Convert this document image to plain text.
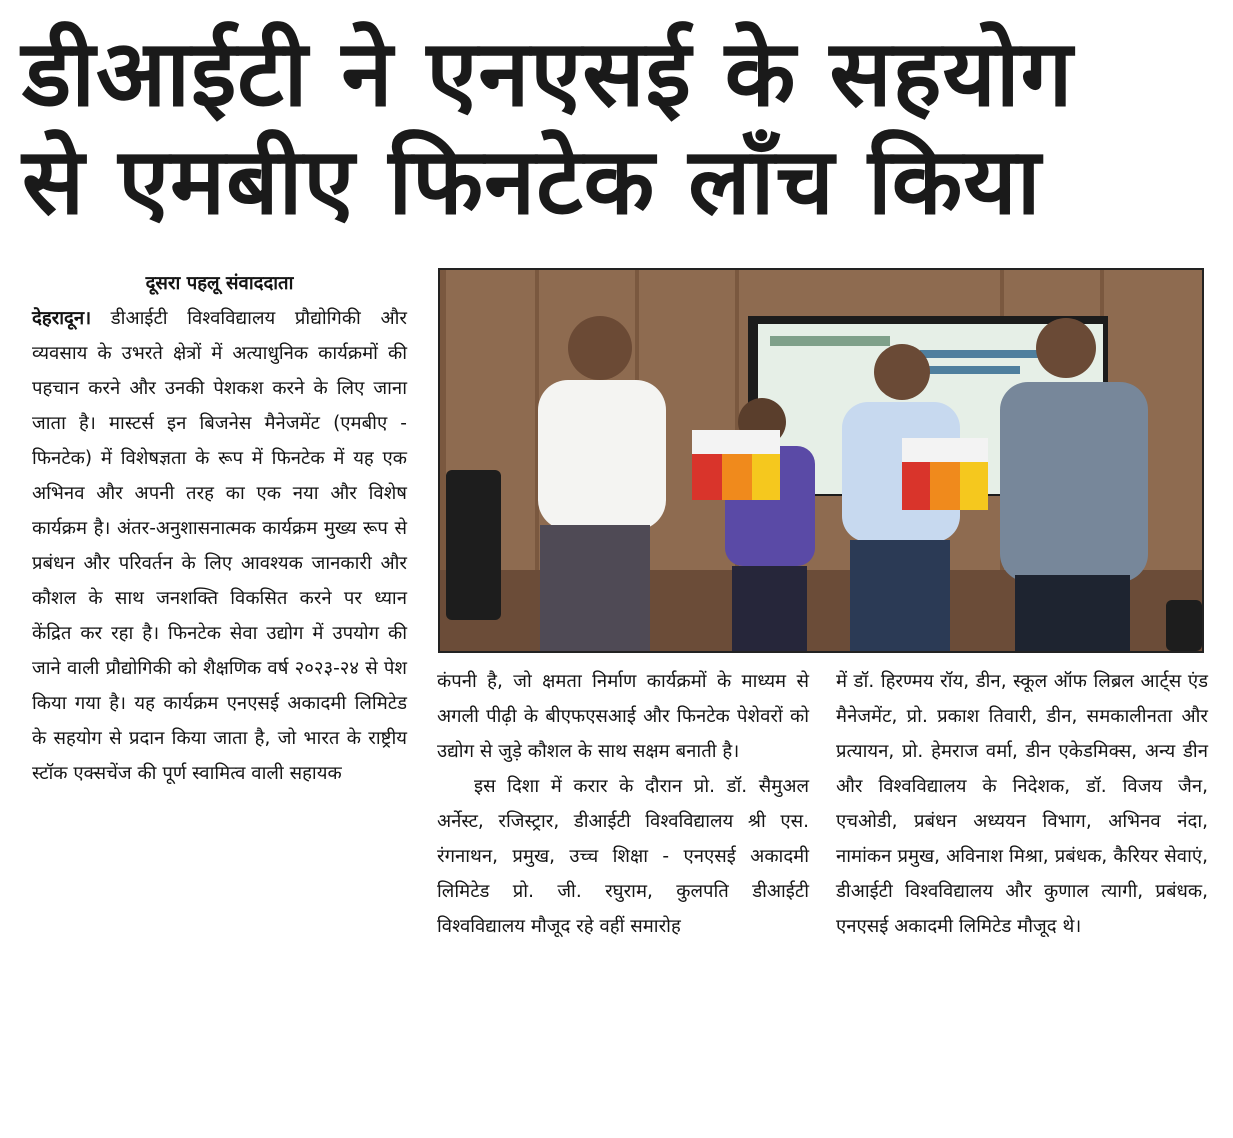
डीआईटी ने एनएसई के सहयोग
से एमबीए फिनटेक लॉंच किया

दूसरा पहलू संवाददाता

देहरादून। डीआईटी विश्वविद्यालय प्रौद्योगिकी और व्यवसाय के उभरते क्षेत्रों में अत्याधुनिक कार्यक्रमों की पहचान करने और उनकी पेशकश करने के लिए जाना जाता है। मास्टर्स इन बिजनेस मैनेजमेंट (एमबीए - फिनटेक) में विशेषज्ञता के रूप में फिनटेक में यह एक अभिनव और अपनी तरह का एक नया और विशेष कार्यक्रम है। अंतर-अनुशासनात्मक कार्यक्रम मुख्य रूप से प्रबंधन और परिवर्तन के लिए आवश्यक जानकारी और कौशल के साथ जनशक्ति विकसित करने पर ध्यान केंद्रित कर रहा है। फिनटेक सेवा उद्योग में उपयोग की जाने वाली प्रौद्योगिकी को शैक्षणिक वर्ष २०२३-२४ से पेश किया गया है। यह कार्यक्रम एनएसई अकादमी लिमिटेड के सहयोग से प्रदान किया जाता है, जो भारत के राष्ट्रीय स्टॉक एक्सचेंज की पूर्ण स्वामित्व वाली सहायक

कंपनी है, जो क्षमता निर्माण कार्यक्रमों के माध्यम से अगली पीढ़ी के बीएफएसआई और फिनटेक पेशेवरों को उद्योग से जुड़े कौशल के साथ सक्षम बनाती है।

इस दिशा में करार के दौरान प्रो. डॉ. सैमुअल अर्नेस्ट, रजिस्ट्रार, डीआईटी विश्वविद्यालय श्री एस. रंगनाथन, प्रमुख, उच्च शिक्षा - एनएसई अकादमी लिमिटेड प्रो. जी. रघुराम, कुलपति डीआईटी विश्वविद्यालय मौजूद रहे वहीं समारोह

में डॉ. हिरण्मय रॉय, डीन, स्कूल ऑफ लिब्रल आर्ट्स एंड मैनेजमेंट, प्रो. प्रकाश तिवारी, डीन, समकालीनता और प्रत्यायन, प्रो. हेमराज वर्मा, डीन एकेडमिक्स, अन्य डीन और विश्वविद्यालय के निदेशक, डॉ. विजय जैन, एचओडी, प्रबंधन अध्ययन विभाग, अभिनव नंदा, नामांकन प्रमुख, अविनाश मिश्रा, प्रबंधक, कैरियर सेवाएं, डीआईटी विश्वविद्यालय और कुणाल त्यागी, प्रबंधक, एनएसई अकादमी लिमिटेड मौजूद थे।
